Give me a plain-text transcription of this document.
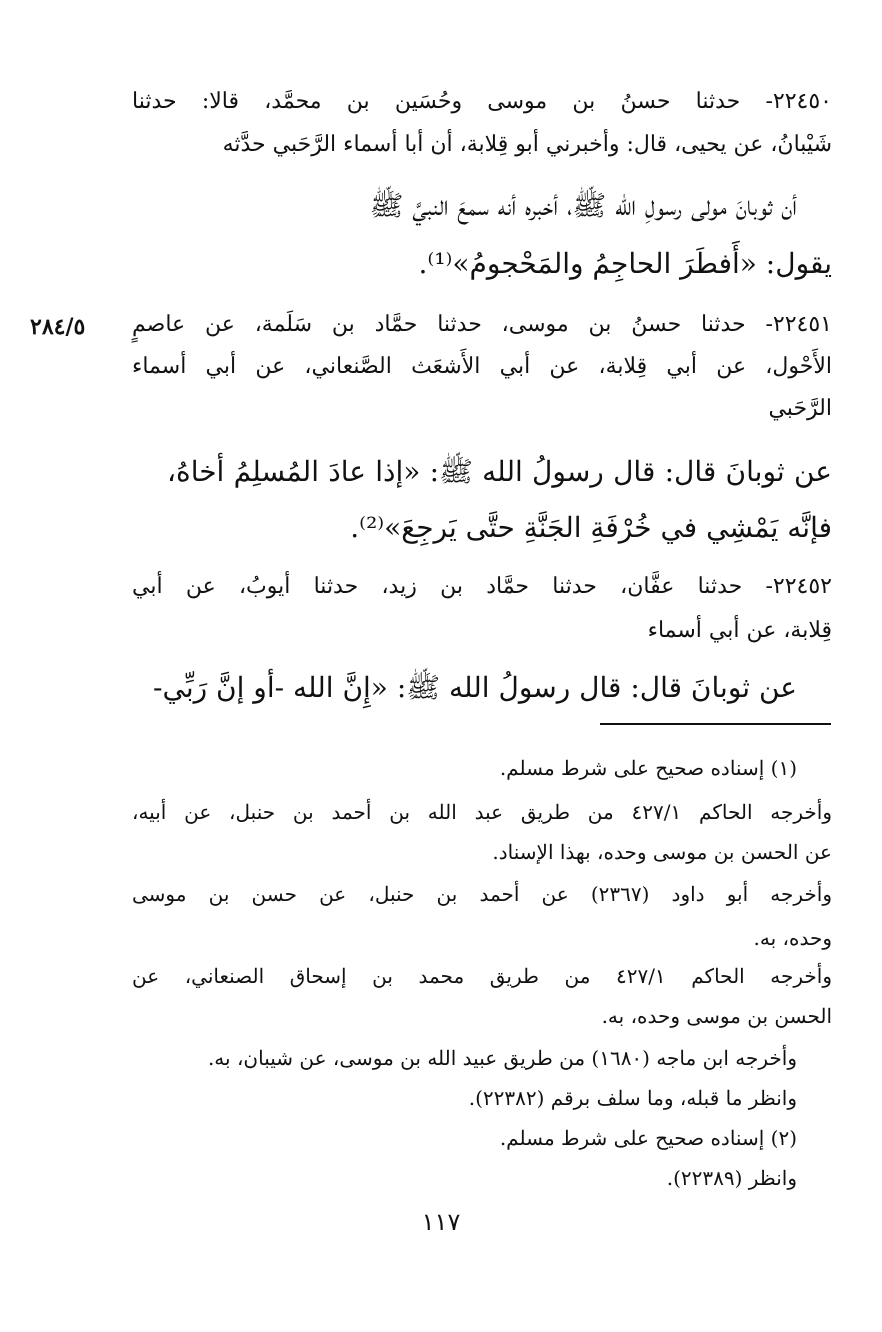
٢٢٤٥٠- حدثنا حسنُ بن موسى وحُسَين بن محمَّد، قالا: حدثنا
شَيْبانُ، عن يحيى، قال: وأخبرني أبو قِلابة، أن أبا أسماء الرَّحَبي حدَّثه
أن ثوبانَ مولى رسولِ الله ﷺ، أخبره أنه سمعَ النبيَّ ﷺ
يقول: «أَفطَرَ الحاجِمُ والمَحْجومُ»⁽¹⁾.
٢٨٤/٥ ٢٢٤٥١- حدثنا حسنُ بن موسى، حدثنا حمَّاد بن سَلَمة، عن عاصمٍ
الأَحْول، عن أبي قِلابة، عن أبي الأَشعَث الصَّنعاني، عن أبي أسماء
الرَّحَبي
عن ثوبانَ قال: قال رسولُ الله ﷺ: «إذا عادَ المُسلِمُ أخاهُ،
فإنَّه يَمْشِي في خُرْفَةِ الجَنَّةِ حتَّى يَرجِعَ»⁽²⁾.
٢٢٤٥٢- حدثنا عفَّان، حدثنا حمَّاد بن زيد، حدثنا أيوبُ، عن أبي
قِلابة، عن أبي أسماء
عن ثوبانَ قال: قال رسولُ الله ﷺ: «إِنَّ الله -أو إنَّ رَبِّي-
(١) إسناده صحيح على شرط مسلم.
وأخرجه الحاكم ٤٢٧/١ من طريق عبد الله بن أحمد بن حنبل، عن أبيه،
عن الحسن بن موسى وحده، بهذا الإسناد.
وأخرجه أبو داود (٢٣٦٧) عن أحمد بن حنبل، عن حسن بن موسى
وحده، به.
وأخرجه الحاكم ٤٢٧/١ من طريق محمد بن إسحاق الصنعاني، عن
الحسن بن موسى وحده، به.
وأخرجه ابن ماجه (١٦٨٠) من طريق عبيد الله بن موسى، عن شيبان، به.
وانظر ما قبله، وما سلف برقم (٢٢٣٨٢).
(٢) إسناده صحيح على شرط مسلم.
وانظر (٢٢٣٨٩).
١١٧
